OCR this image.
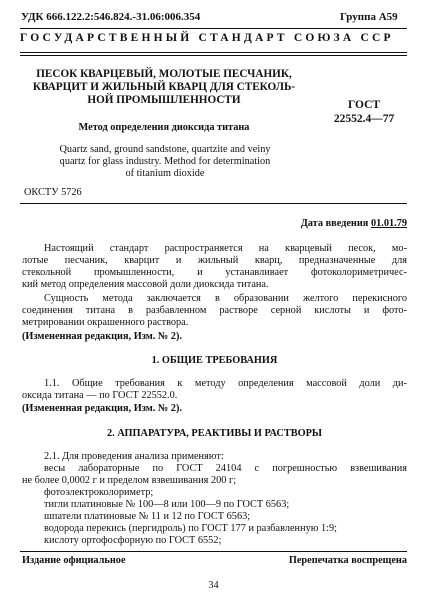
УДК 666.122.2:546.824.-31.06:006.354	Группа А59
ГОСУДАРСТВЕННЫЙ СТАНДАРТ СОЮЗА ССР
ПЕСОК КВАРЦЕВЫЙ, МОЛОТЫЕ ПЕСЧАНИК,
КВАРЦИТ И ЖИЛЬНЫЙ КВАРЦ ДЛЯ СТЕКОЛЬ-
НОЙ ПРОМЫШЛЕННОСТИ	ГОСТ
22552.4—77
Метод определения диоксида титана
Quartz sand, ground sandstone, quartzite and veiny
quartz for glass industry. Method for determination
of titanium dioxide
ОКСТУ 5726
Дата введения 01.01.79
Настоящий стандарт распространяется на кварцевый песок, мо-
лотые песчаник, кварцит и жильный кварц, предназначенные для
стекольной промышленности, и устанавливает фотоколориметричес-
кий метод определения массовой доли диоксида титана.
Сущность метода заключается в образовании желтого перекисного
соединения титана в разбавленном растворе серной кислоты и фото-
метрировании окрашенного раствора.
(Измененная редакция, Изм. № 2).
1. ОБЩИЕ ТРЕБОВАНИЯ
1.1. Общие требования к методу определения массовой доли ди-
оксида титана — по ГОСТ 22552.0.
(Измененная редакция, Изм. № 2).
2. АППАРАТУРА, РЕАКТИВЫ И РАСТВОРЫ
2.1. Для проведения анализа применяют:
весы лабораторные по ГОСТ 24104 с погрешностью взвешивания
не более 0,0002 г и пределом взвешивания 200 г;
фотоэлектроколориметр;
тигли платиновые № 100—8 или 100—9 по ГОСТ 6563;
шпатели платиновые № 11 и 12 по ГОСТ 6563;
водорода перекись (пергидроль) по ГОСТ 177 и разбавленную 1:9;
кислоту ортофосфорную по ГОСТ 6552;
Издание официальное	Перепечатка воспрещена
34
